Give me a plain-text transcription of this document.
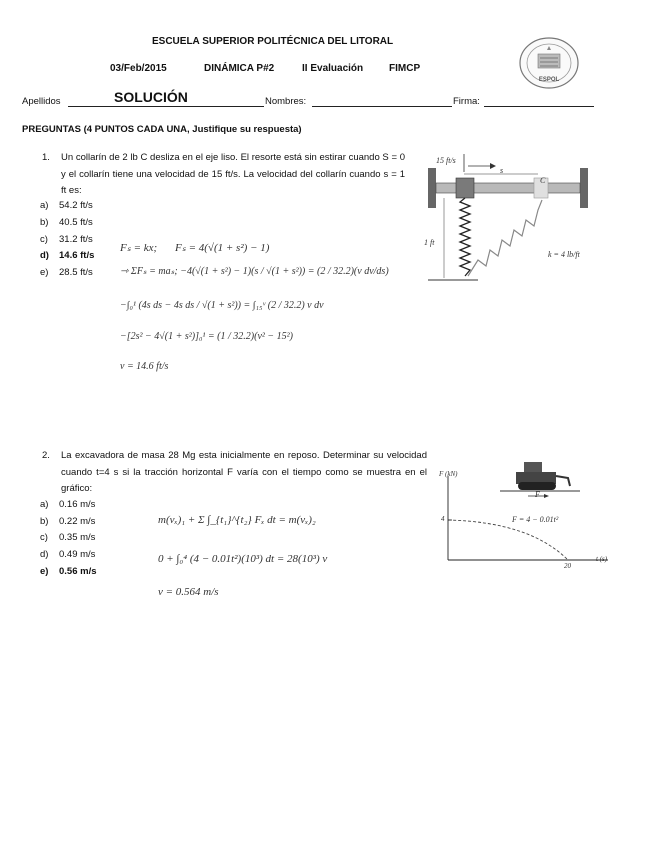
ESCUELA SUPERIOR POLITÉCNICA DEL LITORAL
03/Feb/2015	DINÁMICA P#2	II Evaluación	FIMCP
ESPOL
Apellidos	SOLUCIÓN	Nombres:	Firma:
PREGUNTAS (4 PUNTOS CADA UNA, Justifique su respuesta)
1. Un collarín de 2 lb C desliza en el eje liso. El resorte está sin estirar cuando S = 0 y el collarín tiene una velocidad de 15 ft/s. La velocidad del collarín cuando s = 1 ft es:
a) 54.2 ft/s
b) 40.5 ft/s
c) 31.2 ft/s
d) 14.6 ft/s
e) 28.5 ft/s
Fₛ = kx; Fₛ = 4(√(1 + s²) − 1)
⇾ ΣFₛ = maₛ; −4(√(1 + s²) − 1)(s / √(1 + s²)) = (2 / 32.2)(v dv/ds)
−∫₀¹ (4s ds − 4s ds / √(1 + s²)) = ∫₁₅ᵛ (2 / 32.2) v dv
−[2s² − 4√(1 + s²)]₀¹ = (1 / 32.2)(v² − 15²)
v = 14.6 ft/s
15 ft/s
s
C
1 ft
k = 4 lb/ft
2. La excavadora de masa 28 Mg esta inicialmente en reposo. Determinar su velocidad cuando t=4 s si la tracción horizontal F varía con el tiempo como se muestra en el gráfico:
a) 0.16 m/s
b) 0.22 m/s
c) 0.35 m/s
d) 0.49 m/s
e) 0.56 m/s
m(vₓ)₁ + Σ ∫_{t₁}^{t₂} Fₓ dt = m(vₓ)₂
0 + ∫₀⁴ (4 − 0.01t²)(10³) dt = 28(10³) v
v = 0.564 m/s
F
F (kN)
t (s)
4
20
F = 4 − 0.01t²
